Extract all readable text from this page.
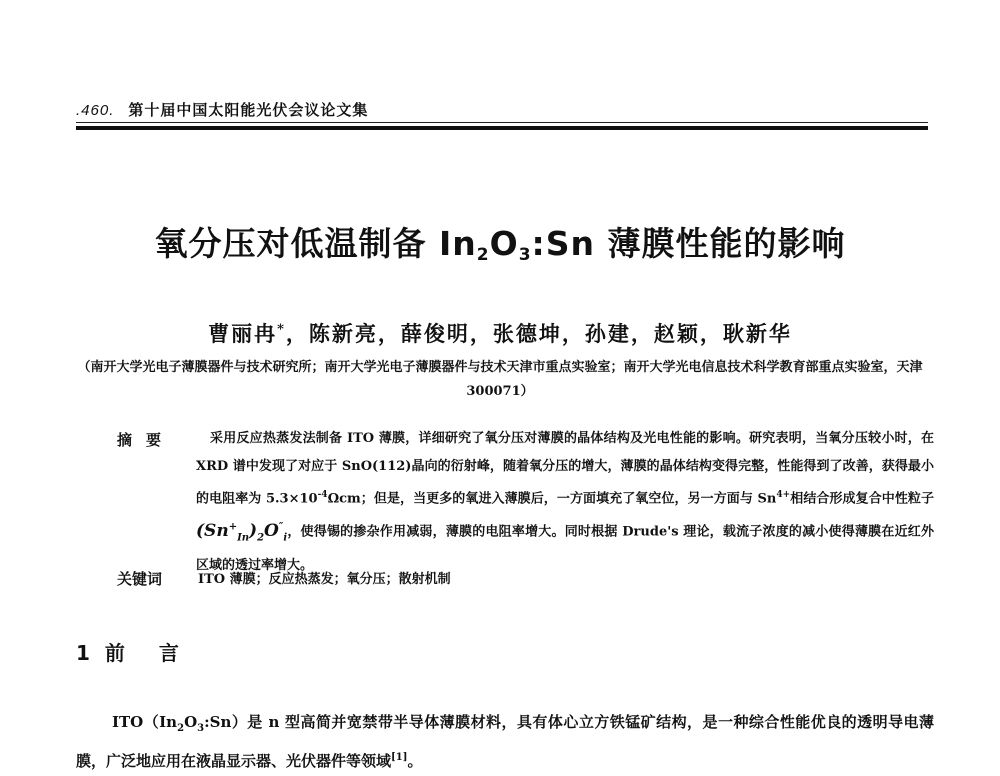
.460. 第十届中国太阳能光伏会议论文集
氧分压对低温制备 $In_2O_3:Sn$ 薄膜性能的影响
曹丽冉*，陈新亮，薛俊明，张德坤，孙建，赵颖，耿新华
（南开大学光电子薄膜器件与技术研究所；南开大学光电子薄膜器件与技术天津市重点实验室；南开大学光电信息技术科学教育部重点实验室，天津 300071）
摘要	采用反应热蒸发法制备 ITO 薄膜，详细研究了氧分压对薄膜的晶体结构及光电性能的影响。研究表明，当氧分压较小时，在 XRD 谱中发现了对应于 SnO(112)晶向的衍射峰，随着氧分压的增大，薄膜的晶体结构变得完整，性能得到了改善，获得最小的电阻率为 $5.3\times 10^{-4}\Omega cm$；但是，当更多的氧进入薄膜后，一方面填充了氧空位，另一方面与 $Sn^{4+}$相结合形成复合中性粒子$(Sn^+_{In})_2O''_i$，使得锡的掺杂作用减弱，薄膜的电阻率增大。同时根据 Drude's 理论，载流子浓度的减小使得薄膜在近红外区域的透过率增大。
关键词	ITO 薄膜；反应热蒸发；氧分压；散射机制
1 前 言
$ITO(In_2O_3:Sn)$是 n 型高简并宽禁带半导体薄膜材料，具有体心立方铁锰矿结构，是一种综合性能优良的透明导电薄膜，广泛地应用在液晶显示器、光伏器件等领域[1]。
